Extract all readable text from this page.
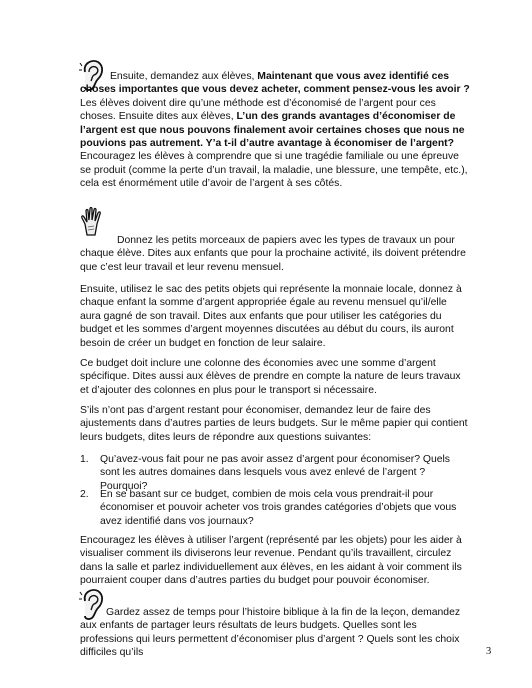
Ensuite, demandez aux élèves, Maintenant que vous avez identifié ces choses importantes que vous devez acheter, comment pensez-vous les avoir ? Les élèves doivent dire qu’une méthode est d’économisé de l’argent pour ces choses. Ensuite dites aux élèves, L’un des grands avantages d’économiser de l’argent est que nous pouvons finalement avoir certaines choses que nous ne pouvions pas autrement. Y’a t-il d’autre avantage à économiser de l’argent? Encouragez les élèves à comprendre que si une tragédie familiale ou une épreuve se produit (comme la perte d’un travail, la maladie, une blessure, une tempête, etc.), cela est énormément utile d’avoir de l’argent à ses côtés.

Donnez les petits morceaux de papiers avec les types de travaux un pour chaque élève. Dites aux enfants que pour la prochaine activité, ils doivent prétendre que c’est leur travail et leur revenu mensuel.

Ensuite, utilisez le sac des petits objets qui représente la monnaie locale, donnez à chaque enfant la somme d’argent appropriée égale au revenu mensuel qu’il/elle aura gagné de son travail. Dites aux enfants que pour utiliser les catégories du budget et les sommes d’argent moyennes discutées au début du cours, ils auront besoin de créer un budget en fonction de leur salaire.

Ce budget doit inclure une colonne des économies avec une somme d’argent spécifique. Dites aussi aux élèves de prendre en compte la nature de leurs travaux et d’ajouter des colonnes en plus pour le transport si nécessaire.

S’ils n’ont pas d’argent restant pour économiser, demandez leur de faire des ajustements dans d’autres parties de leurs budgets. Sur le même papier qui contient leurs budgets, dites leurs de répondre aux questions suivantes:

1. Qu’avez-vous fait pour ne pas avoir assez d’argent pour économiser? Quels sont les autres domaines dans lesquels vous avez enlevé de l’argent ? Pourquoi?
2. En se basant sur ce budget, combien de mois cela vous prendrait-il pour économiser et pouvoir acheter vos trois grandes catégories d’objets que vous avez identifié dans vos journaux?

Encouragez les élèves à utiliser l’argent (représenté par les objets) pour les aider à visualiser comment ils diviserons leur revenue. Pendant qu’ils travaillent, circulez dans la salle et parlez individuellement aux élèves, en les aidant à voir comment ils pourraient couper dans d’autres parties du budget pour pouvoir économiser.

Gardez assez de temps pour l’histoire biblique à la fin de la leçon, demandez aux enfants de partager leurs résultats de leurs budgets. Quelles sont les professions qui leurs permettent d’économiser plus d’argent ? Quels sont les choix difficiles qu’ils	3
